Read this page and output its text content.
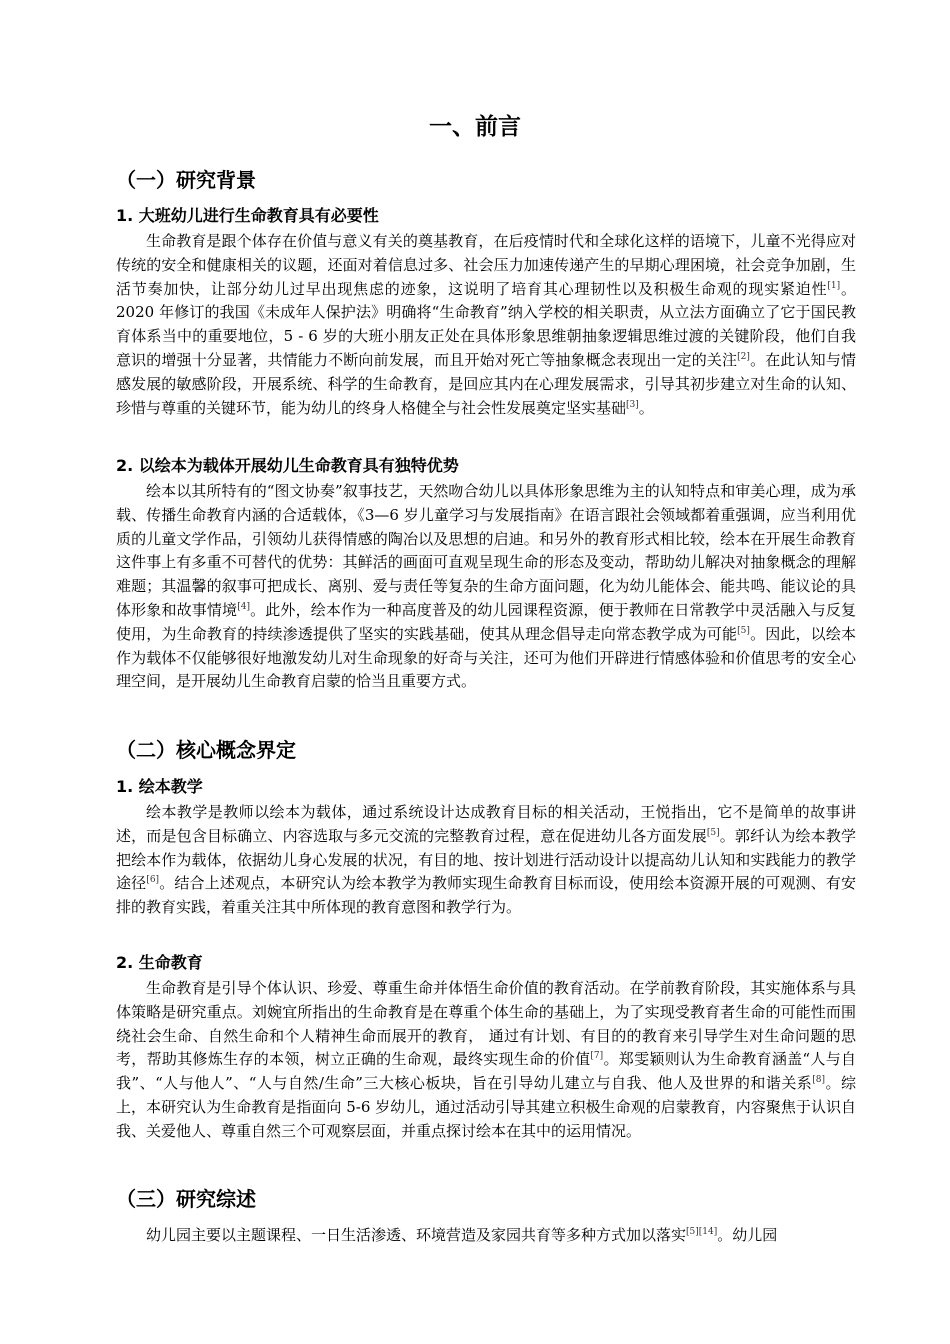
一、前言
（一）研究背景
1. 大班幼儿进行生命教育具有必要性
生命教育是跟个体存在价值与意义有关的奠基教育，在后疫情时代和全球化这样的语境下，儿童不光得应对传统的安全和健康相关的议题，还面对着信息过多、社会压力加速传递产生的早期心理困境，社会竞争加剧，生活节奏加快，让部分幼儿过早出现焦虑的迹象，这说明了培育其心理韧性以及积极生命观的现实紧迫性[1]。2020 年修订的我国《未成年人保护法》明确将“生命教育”纳入学校的相关职责，从立法方面确立了它于国民教育体系当中的重要地位，5 - 6 岁的大班小朋友正处在具体形象思维朝抽象逻辑思维过渡的关键阶段，他们自我意识的增强十分显著，共情能力不断向前发展，而且开始对死亡等抽象概念表现出一定的关注[2]。在此认知与情感发展的敏感阶段，开展系统、科学的生命教育，是回应其内在心理发展需求，引导其初步建立对生命的认知、珍惜与尊重的关键环节，能为幼儿的终身人格健全与社会性发展奠定坚实基础[3]。
2. 以绘本为载体开展幼儿生命教育具有独特优势
绘本以其所特有的“图文协奏”叙事技艺，天然吻合幼儿以具体形象思维为主的认知特点和审美心理，成为承载、传播生命教育内涵的合适载体，《3—6 岁儿童学习与发展指南》在语言跟社会领域都着重强调，应当利用优质的儿童文学作品，引领幼儿获得情感的陶冶以及思想的启迪。和另外的教育形式相比较，绘本在开展生命教育这件事上有多重不可替代的优势：其鲜活的画面可直观呈现生命的形态及变动，帮助幼儿解决对抽象概念的理解难题；其温馨的叙事可把成长、离别、爱与责任等复杂的生命方面问题，化为幼儿能体会、能共鸣、能议论的具体形象和故事情境[4]。此外，绘本作为一种高度普及的幼儿园课程资源，便于教师在日常教学中灵活融入与反复使用，为生命教育的持续渗透提供了坚实的实践基础，使其从理念倡导走向常态教学成为可能[5]。因此，以绘本作为载体不仅能够很好地激发幼儿对生命现象的好奇与关注，还可为他们开辟进行情感体验和价值思考的安全心理空间，是开展幼儿生命教育启蒙的恰当且重要方式。
（二）核心概念界定
1. 绘本教学
绘本教学是教师以绘本为载体，通过系统设计达成教育目标的相关活动，王悦指出，它不是简单的故事讲述，而是包含目标确立、内容选取与多元交流的完整教育过程，意在促进幼儿各方面发展[5]。郭纤认为绘本教学把绘本作为载体，依据幼儿身心发展的状况，有目的地、按计划进行活动设计以提高幼儿认知和实践能力的教学途径[6]。结合上述观点，本研究认为绘本教学为教师实现生命教育目标而设，使用绘本资源开展的可观测、有安排的教育实践，着重关注其中所体现的教育意图和教学行为。
2. 生命教育
生命教育是引导个体认识、珍爱、尊重生命并体悟生命价值的教育活动。在学前教育阶段，其实施体系与具体策略是研究重点。刘婉宜所指出的生命教育是在尊重个体生命的基础上，为了实现受教育者生命的可能性而围绕社会生命、自然生命和个人精神生命而展开的教育， 通过有计划、有目的的教育来引导学生对生命问题的思考，帮助其修炼生存的本领，树立正确的生命观，最终实现生命的价值[7]。郑雯颖则认为生命教育涵盖“人与自我”、“人与他人”、“人与自然/生命”三大核心板块，旨在引导幼儿建立与自我、他人及世界的和谐关系[8]。综上，本研究认为生命教育是指面向 5-6 岁幼儿，通过活动引导其建立积极生命观的启蒙教育，内容聚焦于认识自我、关爱他人、尊重自然三个可观察层面，并重点探讨绘本在其中的运用情况。
（三）研究综述
幼儿园主要以主题课程、一日生活渗透、环境营造及家园共育等多种方式加以落实[5][14]。幼儿园
